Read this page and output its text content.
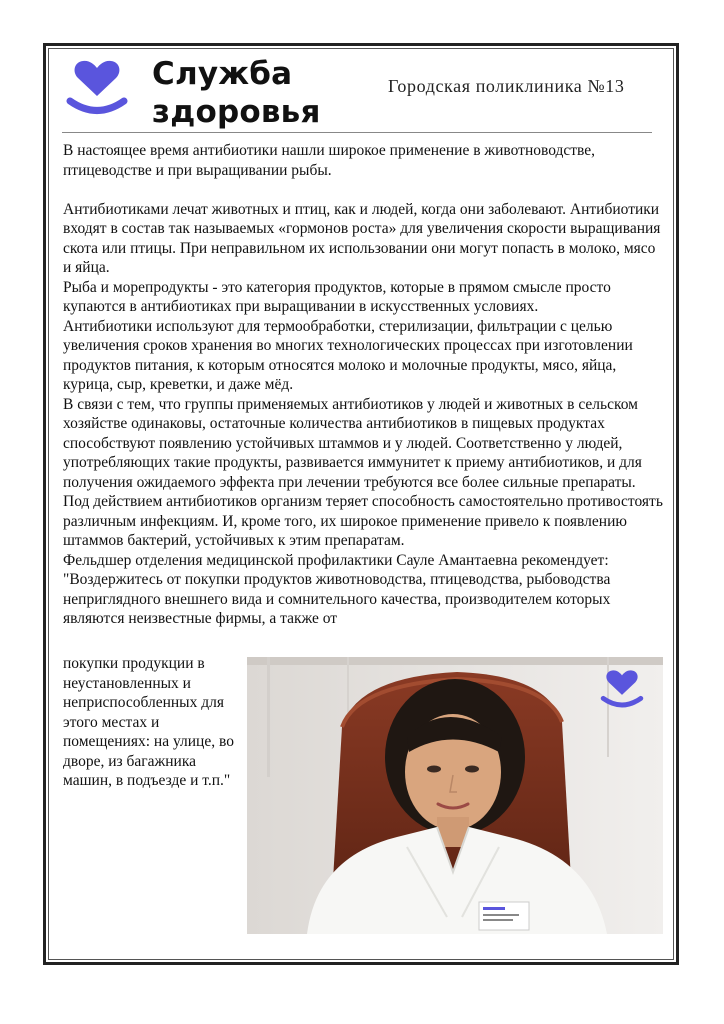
Служба
здоровья
Городская поликлиника №13

В настоящее время антибиотики нашли широкое применение в животноводстве, птицеводстве и при выращивании рыбы.

Антибиотиками лечат животных и птиц, как и людей, когда они заболевают. Антибиотики входят в состав так называемых «гормонов роста» для увеличения скорости выращивания скота или птицы. При неправильном их использовании они могут попасть в молоко, мясо и яйца.

Рыба и морепродукты - это категория продуктов, которые в прямом смысле просто купаются в антибиотиках при выращивании в искусственных условиях.

Антибиотики используют для термообработки, стерилизации, фильтрации с целью увеличения сроков хранения во многих технологических процессах при изготовлении продуктов питания, к которым относятся молоко и молочные продукты, мясо, яйца, курица, сыр, креветки, и даже мёд.

В связи с тем, что группы применяемых антибиотиков у людей и животных в сельском хозяйстве одинаковы, остаточные количества антибиотиков в пищевых продуктах способствуют появлению устойчивых штаммов и у людей. Соответственно у людей, употребляющих такие продукты, развивается иммунитет к приему антибиотиков, и для получения ожидаемого эффекта при лечении требуются все более сильные препараты.

Под действием антибиотиков организм теряет способность самостоятельно противостоять различным инфекциям. И, кроме того, их широкое применение привело к появлению штаммов бактерий, устойчивых к этим препаратам.

Фельдшер отделения медицинской профилактики Сауле Амантаевна рекомендует: "Воздержитесь от покупки продуктов животноводства, птицеводства, рыбоводства непригляднoго внешнего вида и сомнительного качества, производителем которых являются неизвестные фирмы, а также от

покупки продукции в неустановленных и неприспособленных для этого местах и помещениях: на улице, во дворе, из багажника машин, в подъезде и т.п."
